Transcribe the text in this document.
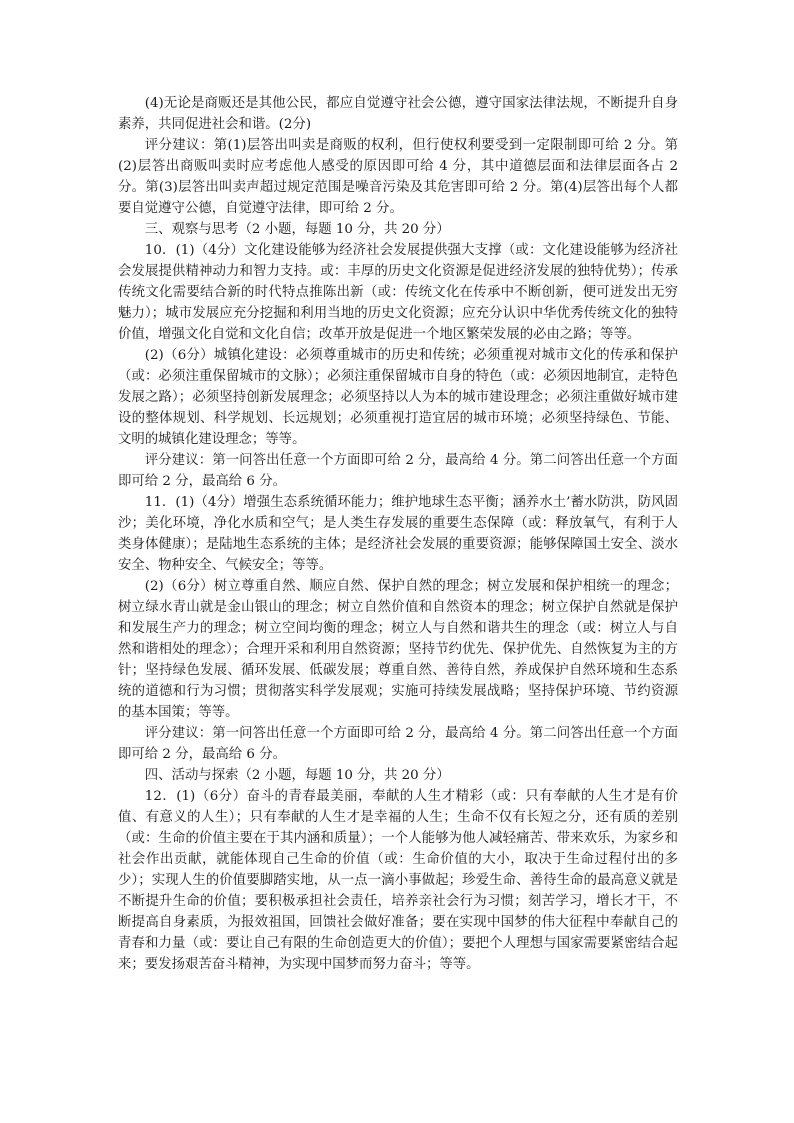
(4)无论是商贩还是其他公民，都应自觉遵守社会公德，遵守国家法律法规，不断提升自身素养，共同促进社会和谐。(2分)

评分建议：第(1)层答出叫卖是商贩的权利，但行使权利要受到一定限制即可给 2 分。第(2)层答出商贩叫卖时应考虑他人感受的原因即可给 4 分，其中道德层面和法律层面各占 2 分。第(3)层答出叫卖声超过规定范围是噪音污染及其危害即可给 2 分。第(4)层答出每个人都要自觉遵守公德，自觉遵守法律，即可给 2 分。

三、观察与思考（2 小题，每题 10 分，共 20 分）

10．(1)（4分）文化建设能够为经济社会发展提供强大支撑（或：文化建设能够为经济社会发展提供精神动力和智力支持。或：丰厚的历史文化资源是促进经济发展的独特优势）；传承传统文化需要结合新的时代特点推陈出新（或：传统文化在传承中不断创新，便可迸发出无穷魅力）；城市发展应充分挖掘和利用当地的历史文化资源；应充分认识中华优秀传统文化的独特价值，增强文化自觉和文化自信；改革开放是促进一个地区繁荣发展的必由之路；等等。

(2)（6分）城镇化建设：必须尊重城市的历史和传统；必须重视对城市文化的传承和保护（或：必须注重保留城市的文脉）；必须注重保留城市自身的特色（或：必须因地制宜，走特色发展之路）；必须坚持创新发展理念；必须坚持以人为本的城市建设理念；必须注重做好城市建设的整体规划、科学规划、长远规划；必须重视打造宜居的城市环境；必须坚持绿色、节能、文明的城镇化建设理念；等等。

评分建议：第一问答出任意一个方面即可给 2 分，最高给 4 分。第二问答出任意一个方面即可给 2 分，最高给 6 分。

11．(1)（4分）增强生态系统循环能力；维护地球生态平衡；涵养水土’蓄水防洪，防风固沙；美化环境，净化水质和空气；是人类生存发展的重要生态保障（或：释放氧气，有利于人类身体健康）；是陆地生态系统的主体；是经济社会发展的重要资源；能够保障国土安全、淡水安全、物种安全、气候安全；等等。

(2)（6分）树立尊重自然、顺应自然、保护自然的理念；树立发展和保护相统一的理念；树立绿水青山就是金山银山的理念；树立自然价值和自然资本的理念；树立保护自然就是保护和发展生产力的理念；树立空间均衡的理念；树立人与自然和谐共生的理念（或：树立人与自然和谐相处的理念）；合理开采和利用自然资源；坚持节约优先、保护优先、自然恢复为主的方针；坚持绿色发展、循环发展、低碳发展；尊重自然、善待自然，养成保护自然环境和生态系统的道德和行为习惯；贯彻落实科学发展观；实施可持续发展战略；坚持保护环境、节约资源的基本国策；等等。

评分建议：第一问答出任意一个方面即可给 2 分，最高给 4 分。第二问答出任意一个方面即可给 2 分，最高给 6 分。

四、活动与探索（2 小题，每题 10 分，共 20 分）

12．(1)（6分）奋斗的青春最美丽，奉献的人生才精彩（或：只有奉献的人生才是有价值、有意义的人生）；只有奉献的人生才是幸福的人生；生命不仅有长短之分，还有质的差别（或：生命的价值主要在于其内涵和质量）；一个人能够为他人减轻痛苦、带来欢乐，为家乡和社会作出贡献，就能体现自己生命的价值（或：生命价值的大小，取决于生命过程付出的多少）；实现人生的价值要脚踏实地，从一点一滴小事做起；珍爱生命、善待生命的最高意义就是不断提升生命的价值；要积极承担社会责任，培养亲社会行为习惯；刻苦学习，增长才干，不断提高自身素质，为报效祖国，回馈社会做好准备；要在实现中国梦的伟大征程中奉献自己的青春和力量（或：要让自己有限的生命创造更大的价值）；要把个人理想与国家需要紧密结合起来；要发扬艰苦奋斗精神，为实现中国梦而努力奋斗；等等。
